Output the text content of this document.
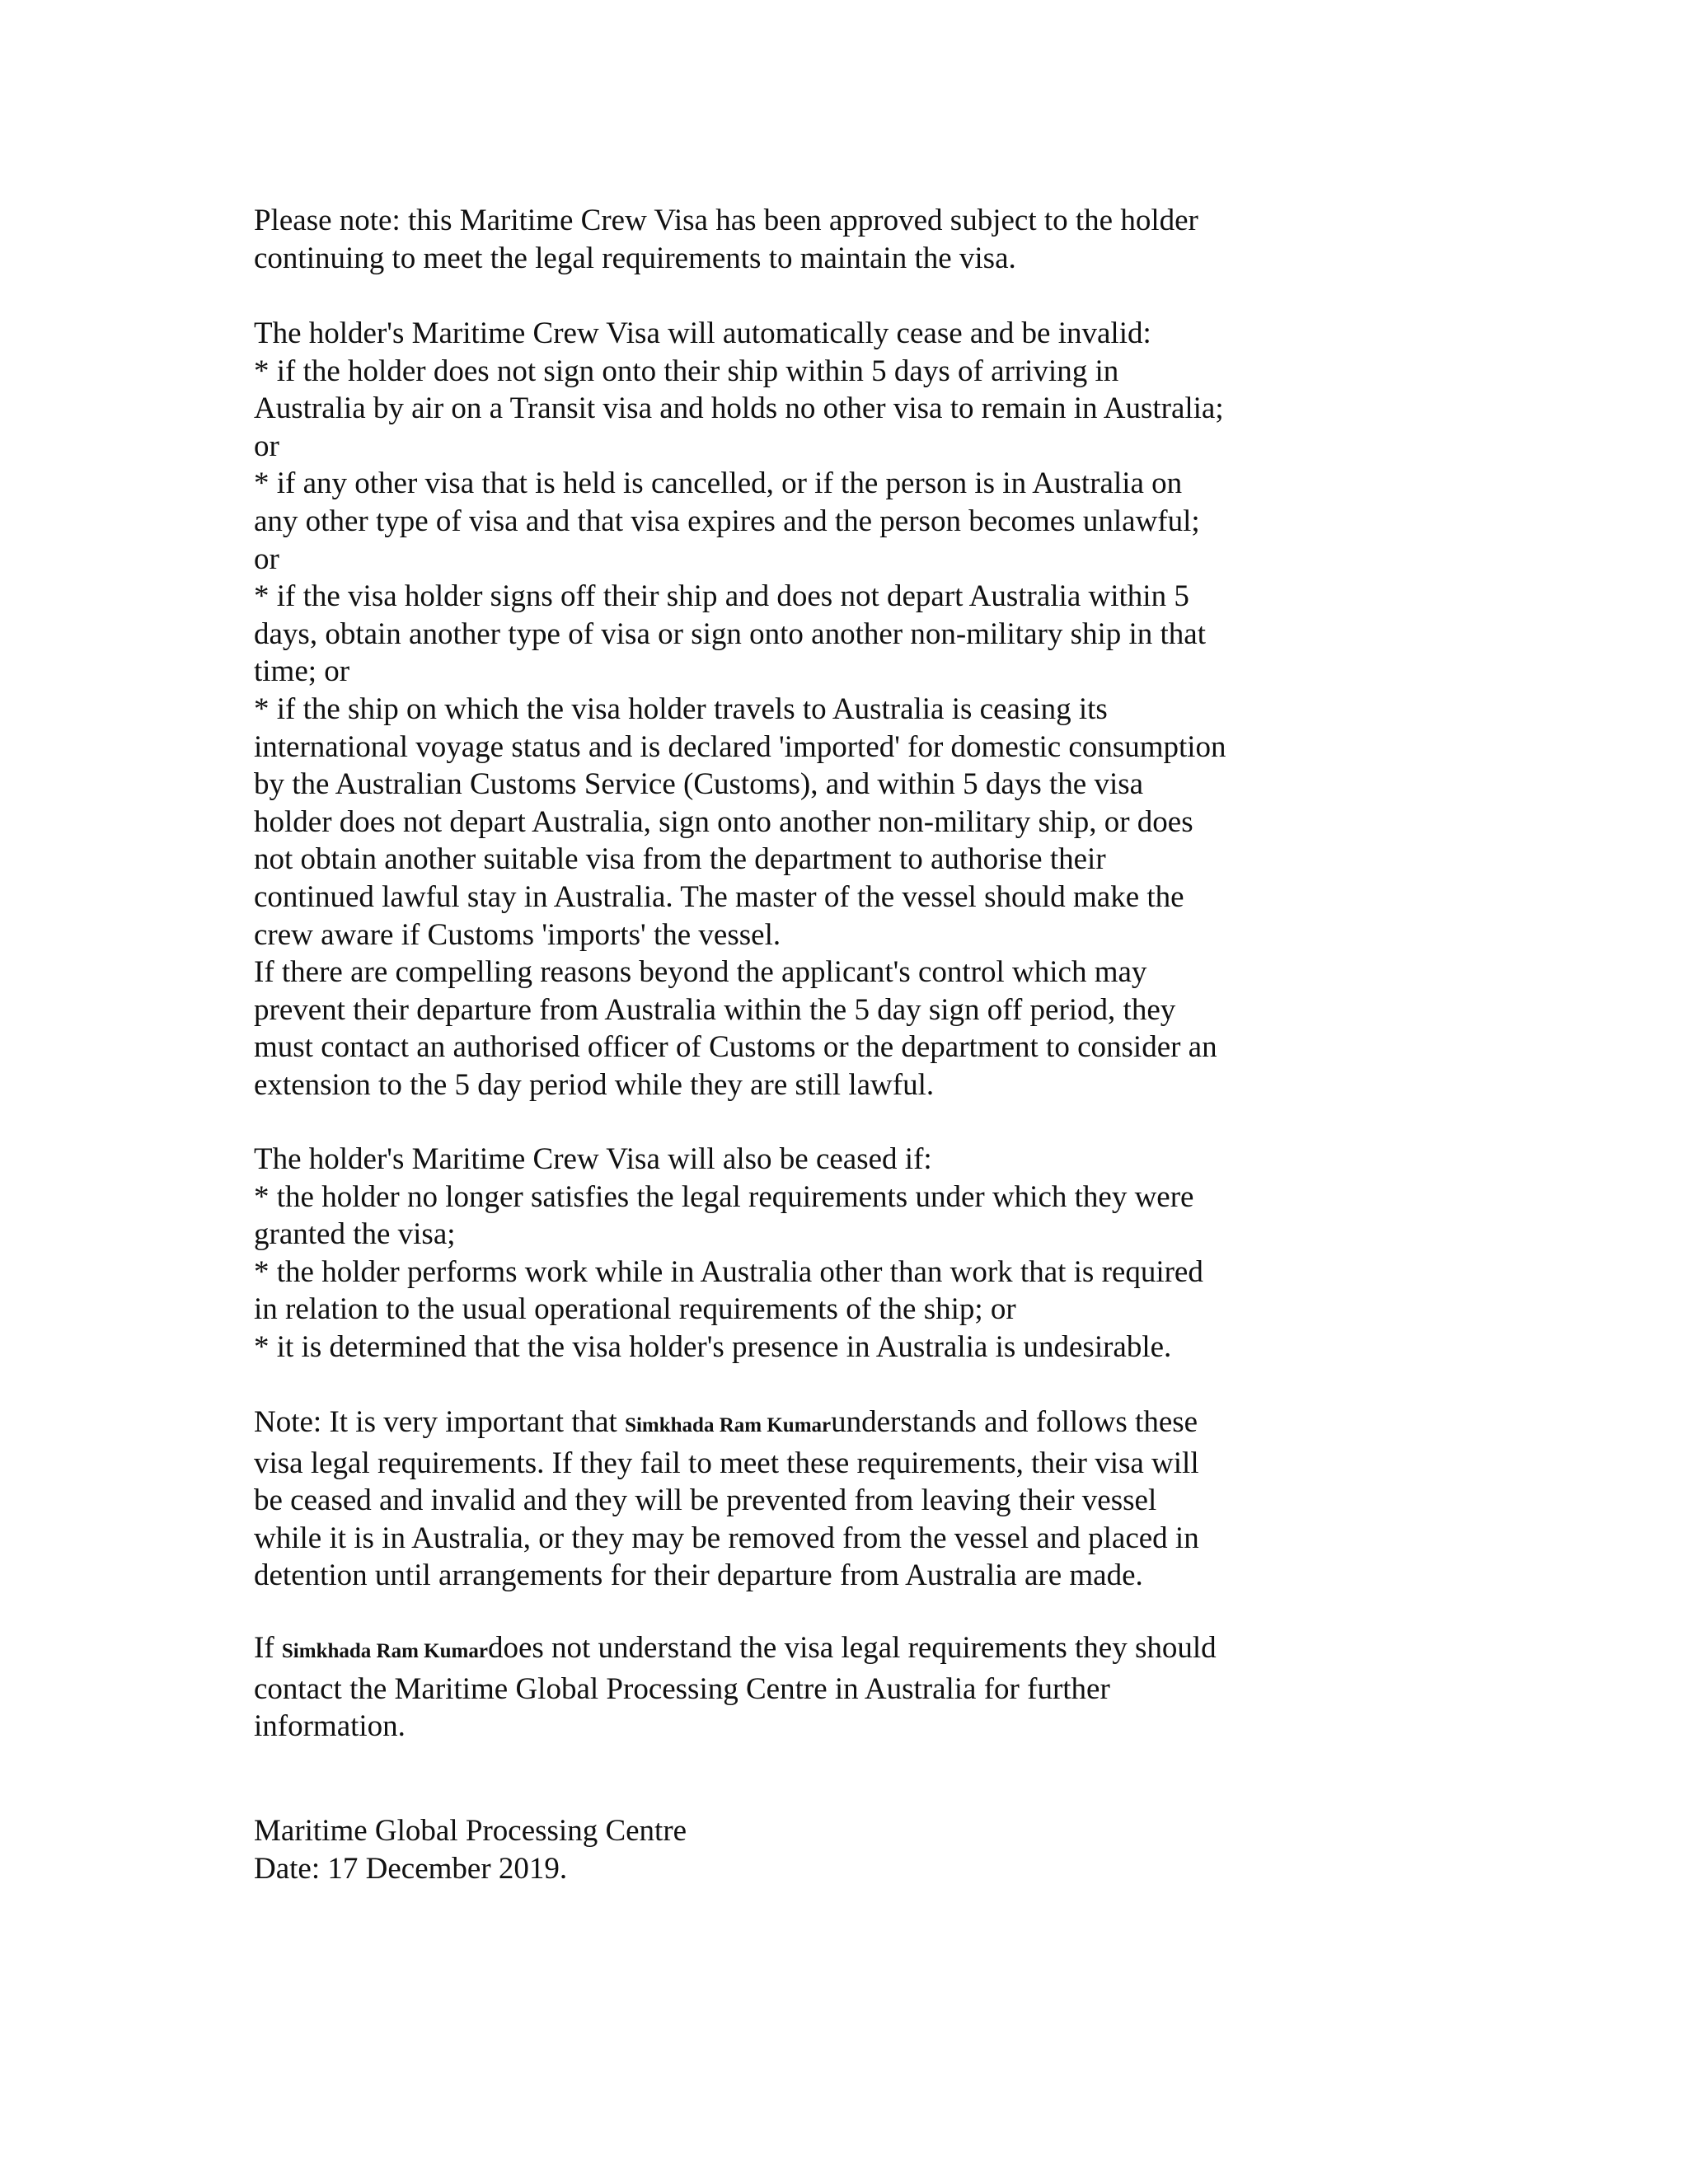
Please note: this Maritime Crew Visa has been approved subject to the holder
continuing to meet the legal requirements to maintain the visa.
The holder's Maritime Crew Visa will automatically cease and be invalid:
* if the holder does not sign onto their ship within 5 days of arriving in
Australia by air on a Transit visa and holds no other visa to remain in Australia;
or
* if any other visa that is held is cancelled, or if the person is in Australia on
any other type of visa and that visa expires and the person becomes unlawful;
or
* if the visa holder signs off their ship and does not depart Australia within 5
days, obtain another type of visa or sign onto another non-military ship in that
time; or
* if the ship on which the visa holder travels to Australia is ceasing its
international voyage status and is declared 'imported' for domestic consumption
by the Australian Customs Service (Customs), and within 5 days the visa
holder does not depart Australia, sign onto another non-military ship, or does
not obtain another suitable visa from the department to authorise their
continued lawful stay in Australia. The master of the vessel should make the
crew aware if Customs 'imports' the vessel.
If there are compelling reasons beyond the applicant's control which may
prevent their departure from Australia within the 5 day sign off period, they
must contact an authorised officer of Customs or the department to consider an
extension to the 5 day period while they are still lawful.
The holder's Maritime Crew Visa will also be ceased if:
* the holder no longer satisfies the legal requirements under which they were
granted the visa;
* the holder performs work while in Australia other than work that is required
in relation to the usual operational requirements of the ship; or
* it is determined that the visa holder's presence in Australia is undesirable.
Note: It is very important that Simkhada Ram Kumarunderstands and follows these
visa legal requirements. If they fail to meet these requirements, their visa will
be ceased and invalid and they will be prevented from leaving their vessel
while it is in Australia, or they may be removed from the vessel and placed in
detention until arrangements for their departure from Australia are made.
If Simkhada Ram Kumardoes not understand the visa legal requirements they should
contact the Maritime Global Processing Centre in Australia for further
information.
Maritime Global Processing Centre
Date: 17 December 2019.
